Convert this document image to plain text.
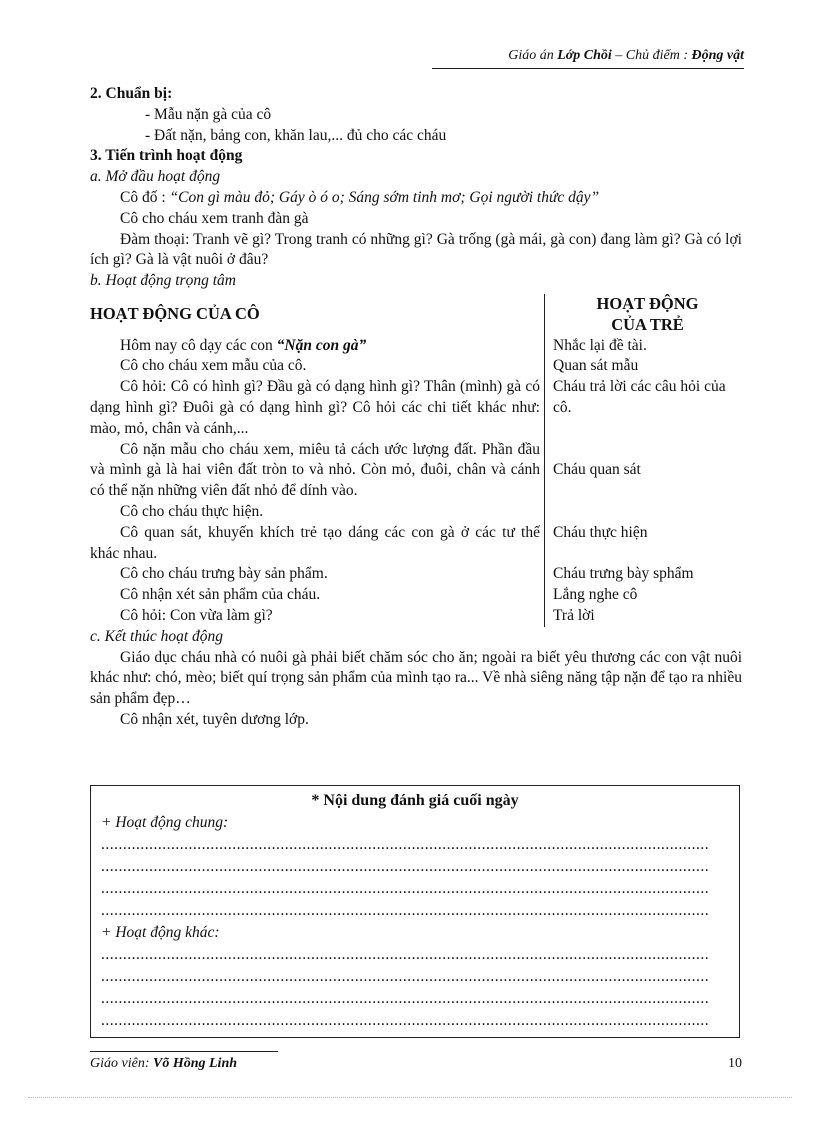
Giáo án Lớp Chồi – Chủ điểm : Động vật

2. Chuẩn bị:

- Mẫu nặn gà của cô

- Đất nặn, bảng con, khăn lau,... đủ cho các cháu

3. Tiến trình hoạt động

a. Mở đầu hoạt động

Cô đố : “Con gì màu đỏ; Gáy ò ó o; Sáng sớm tinh mơ; Gọi người thức dậy”

Cô cho cháu xem tranh đàn gà

Đàm thoại: Tranh vẽ gì? Trong tranh có những gì? Gà trống (gà mái, gà con) đang làm gì? Gà có lợi ích gì? Gà là vật nuôi ở đâu?

b. Hoạt động trọng tâm

HOẠT ĐỘNG CỦA CÔ	HOẠT ĐỘNG
CỦA TRẺ
Hôm nay cô dạy các con “Nặn con gà”	Nhắc lại đề tài.
Cô cho cháu xem mẫu của cô.	Quan sát mẫu
Cô hỏi: Cô có hình gì? Đầu gà có dạng hình gì? Thân (mình) gà có dạng hình gì? Đuôi gà có dạng hình gì? Cô hỏi các chi tiết khác như: mào, mỏ, chân và cánh,...	Cháu trả lời các câu hỏi của cô.
Cô nặn mẫu cho cháu xem, miêu tả cách ước lượng đất. Phần đầu và mình gà là hai viên đất tròn to và nhỏ. Còn mỏ, đuôi, chân và cánh có thể nặn những viên đất nhỏ để dính vào.	Cháu quan sát
Cô cho cháu thực hiện.	
Cô quan sát, khuyến khích trẻ tạo dáng các con gà ở các tư thế khác nhau.	Cháu thực hiện
Cô cho cháu trưng bày sản phẩm.	Cháu trưng bày sphẩm
Cô nhận xét sản phẩm của cháu.	Lắng nghe cô
Cô hỏi: Con vừa làm gì?	Trả lời

c. Kết thúc hoạt động

Giáo dục cháu nhà có nuôi gà phải biết chăm sóc cho ăn; ngoài ra biết yêu thương các con vật nuôi khác như: chó, mèo; biết quí trọng sản phẩm của mình tạo ra... Về nhà siêng năng tập nặn để tạo ra nhiều sản phẩm đẹp…

Cô nhận xét, tuyên dương lớp.

* Nội dung đánh giá cuối ngày
+ Hoạt động chung:
...........................................................................................................................................
...........................................................................................................................................
...........................................................................................................................................
...........................................................................................................................................
+ Hoạt động khác:
...........................................................................................................................................
...........................................................................................................................................
...........................................................................................................................................
...........................................................................................................................................
Giáo viên: Võ Hồng Linh	10
